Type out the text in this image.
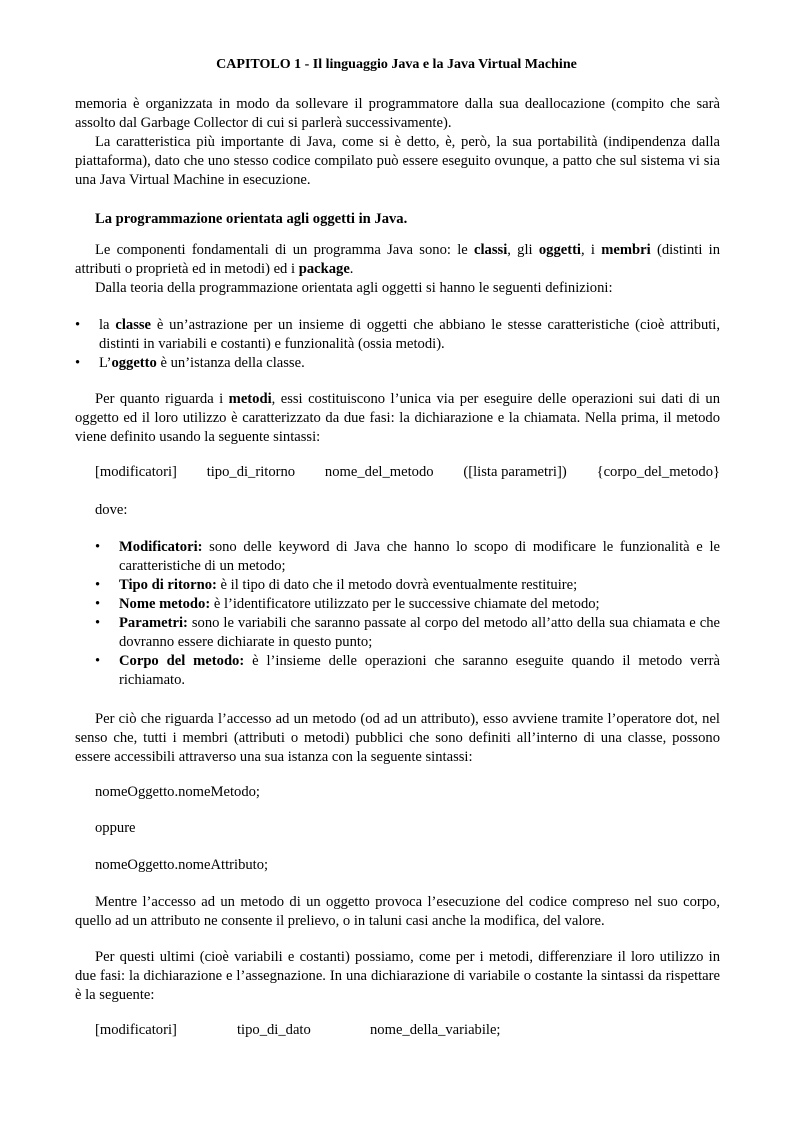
CAPITOLO 1 - Il linguaggio Java e la Java Virtual Machine
memoria è organizzata in modo da sollevare il programmatore dalla sua deallocazione (compito che sarà assolto dal Garbage Collector di cui si parlerà successivamente).
La caratteristica più importante di Java, come si è detto, è, però, la sua portabilità (indipendenza dalla piattaforma), dato che uno stesso codice compilato può essere eseguito ovunque, a patto che sul sistema vi sia una Java Virtual Machine in esecuzione.
La programmazione orientata agli oggetti in Java.
Le componenti fondamentali di un programma Java sono: le classi, gli oggetti, i membri (distinti in attributi o proprietà ed in metodi) ed i package.
Dalla teoria della programmazione orientata agli oggetti si hanno le seguenti definizioni:
• la classe è un’astrazione per un insieme di oggetti che abbiano le stesse caratteristiche (cioè attributi, distinti in variabili e costanti) e funzionalità (ossia metodi).
• L’oggetto è un’istanza della classe.
Per quanto riguarda i metodi, essi costituiscono l’unica via per eseguire delle operazioni sui dati di un oggetto ed il loro utilizzo è caratterizzato da due fasi: la dichiarazione e la chiamata. Nella prima, il metodo viene definito usando la seguente sintassi:
[modificatori] tipo_di_ritorno nome_del_metodo ([lista parametri]) {corpo_del_metodo}
dove:
• Modificatori: sono delle keyword di Java che hanno lo scopo di modificare le funzionalità e le caratteristiche di un metodo;
• Tipo di ritorno: è il tipo di dato che il metodo dovrà eventualmente restituire;
• Nome metodo: è l’identificatore utilizzato per le successive chiamate del metodo;
• Parametri: sono le variabili che saranno passate al corpo del metodo all’atto della sua chiamata e che dovranno essere dichiarate in questo punto;
• Corpo del metodo: è l’insieme delle operazioni che saranno eseguite quando il metodo verrà richiamato.
Per ciò che riguarda l’accesso ad un metodo (od ad un attributo), esso avviene tramite l’operatore dot, nel senso che, tutti i membri (attributi o metodi) pubblici che sono definiti all’interno di una classe, possono essere accessibili attraverso una sua istanza con la seguente sintassi:
nomeOggetto.nomeMetodo;
oppure
nomeOggetto.nomeAttributo;
Mentre l’accesso ad un metodo di un oggetto provoca l’esecuzione del codice compreso nel suo corpo, quello ad un attributo ne consente il prelievo, o in taluni casi anche la modifica, del valore.
Per questi ultimi (cioè variabili e costanti) possiamo, come per i metodi, differenziare il loro utilizzo in due fasi: la dichiarazione e l’assegnazione. In una dichiarazione di variabile o costante la sintassi da rispettare è la seguente:
[modificatori]	tipo_di_dato	nome_della_variabile;
